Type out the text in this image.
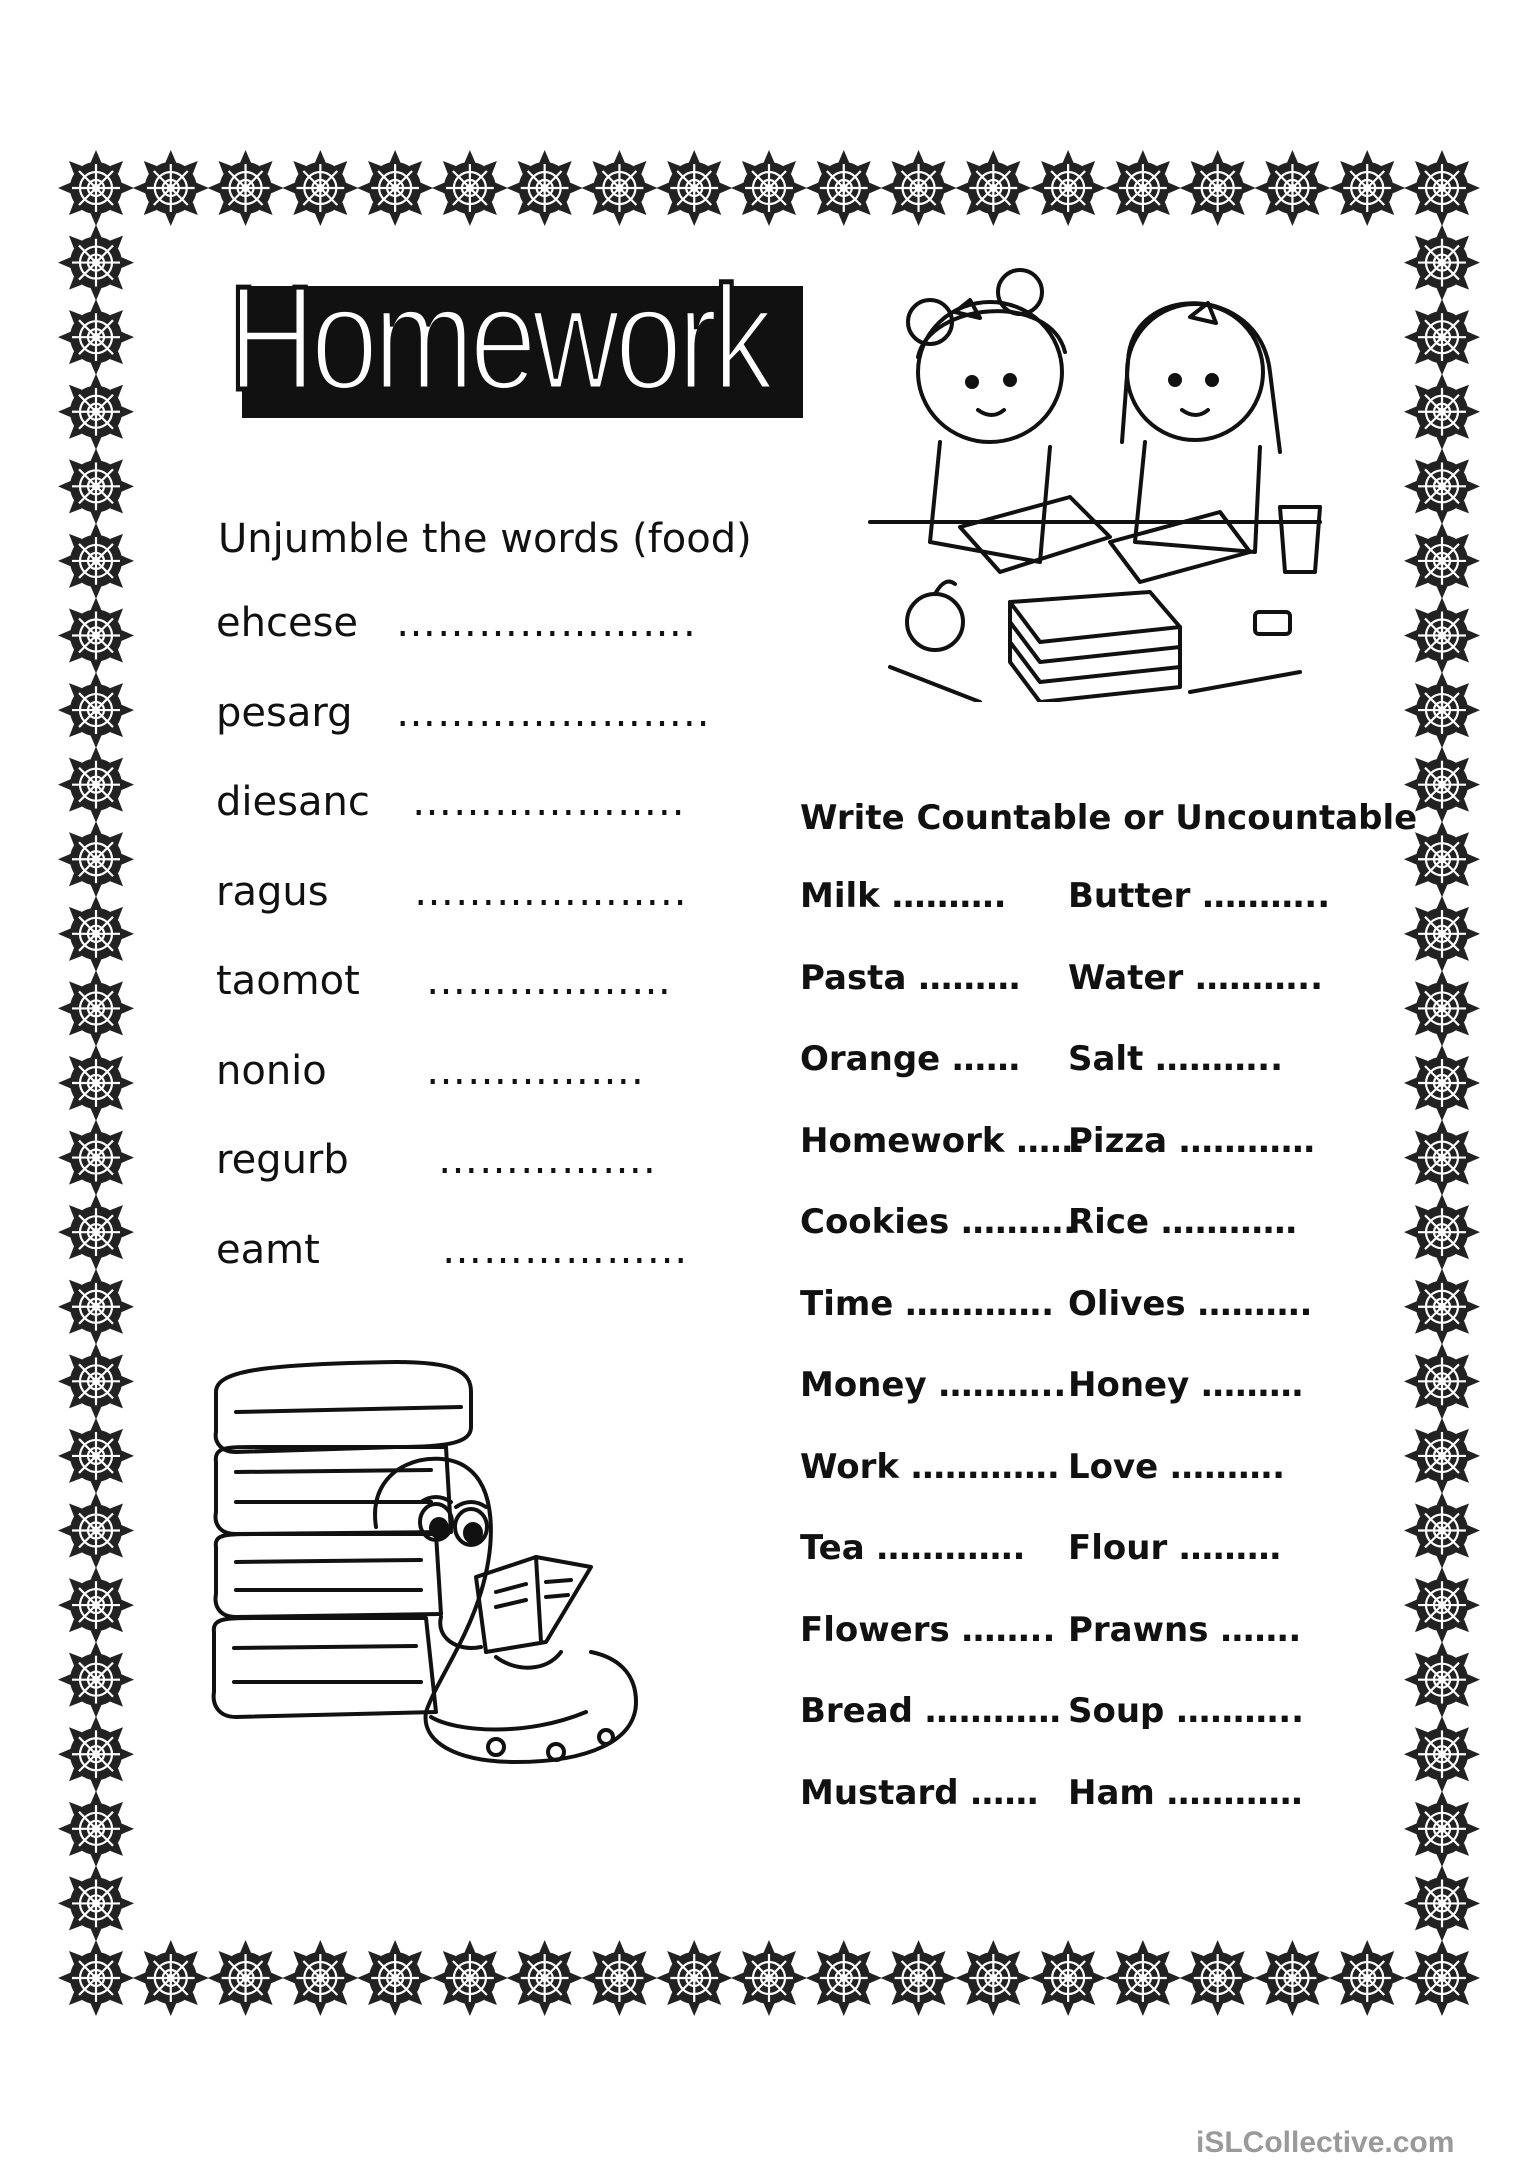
Homework
Unjumble the words (food)
ehcese ………………….
pesarg …………………..
diesanc ………………..
ragus ………………..
taomot ………………
nonio …………….
regurb …………….
eamt	……………...
Write Countable or Uncountable
Milk ………. Butter ………..
Pasta ……… Water ………..
Orange …… Salt ………..
Homework ……
Pizza …………
Cookies ……….
Rice …………
Time …………. Olives ……….
Money ……….. Honey ………
Work …………. Love ……….
Tea …………. Flour ………
Flowers …….. Prawns …….
Bread ………… Soup ………..
Mustard …… Ham …………
iSLCollective.com
